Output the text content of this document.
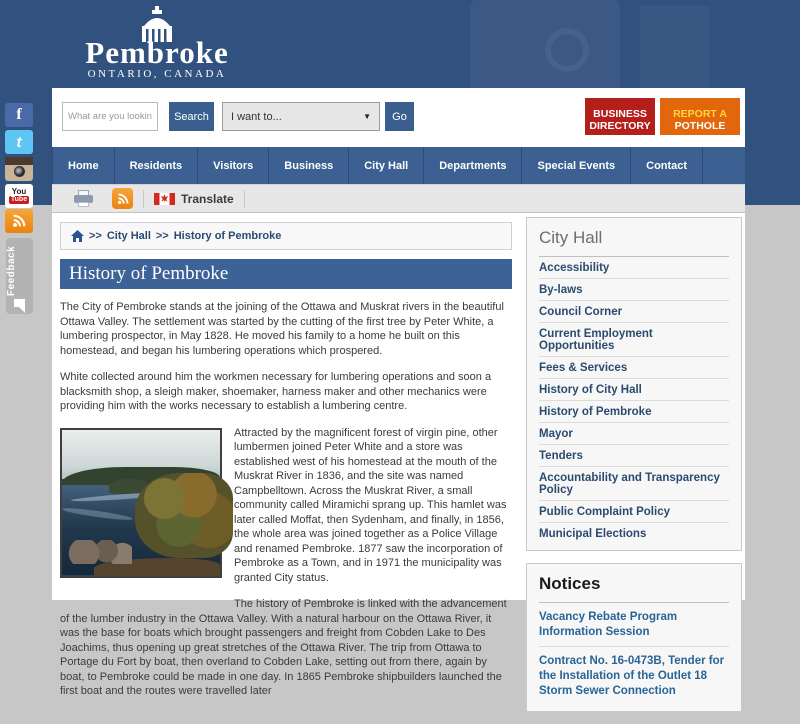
Pembroke
ONTARIO, CANADA
f
t
You
Tube
Feedback
What are you looking for'
Search	I want to...	▼	Go	BUSINESS DIRECTORY
REPORT A
POTHOLE
Home	Residents	Visitors	Business	City Hall	Departments	Special Events	Contact
Translate
>> City Hall >> History of Pembroke
History of Pembroke

The City of Pembroke stands at the joining of the Ottawa and Muskrat rivers in the beautiful Ottawa Valley. The settlement was started by the cutting of the first tree by Peter White, a lumbering prospector, in May 1828. He moved his family to a home he built on this homestead, and began his lumbering operations which prospered.

White collected around him the workmen necessary for lumbering operations and soon a blacksmith shop, a sleigh maker, shoemaker, harness maker and other mechanics were providing him with the works necessary to establish a lumbering centre.

Attracted by the magnificent forest of virgin pine, other lumbermen joined Peter White and a store was established west of his homestead at the mouth of the Muskrat River in 1836, and the site was named Campbelltown. Across the Muskrat River, a small community called Miramichi sprang up. This hamlet was later called Moffat, then Sydenham, and finally, in 1856, the whole area was joined together as a Police Village and renamed Pembroke. 1877 saw the incorporation of Pembroke as a Town, and in 1971 the municipality was granted City status.

The history of Pembroke is linked with the advancement of the lumber industry in the Ottawa Valley. With a natural harbour on the Ottawa River, it was the base for boats which brought passengers and freight from Cobden Lake to Des Joachims, thus opening up great stretches of the Ottawa River. The trip from Ottawa to Portage du Fort by boat, then overland to Cobden Lake, setting out from there, again by boat, to Pembroke could be made in one day. In 1865 Pembroke shipbuilders launched the first boat and the routes were travelled later

City Hall
Accessibility
By-laws
Council Corner
Current Employment Opportunities
Fees & Services
History of City Hall
History of Pembroke
Mayor
Tenders
Accountability and Transparency Policy
Public Complaint Policy
Municipal Elections
Notices
Vacancy Rebate Program Information Session
Contract No. 16-0473B, Tender for the Installation of the Outlet 18 Storm Sewer Connection
